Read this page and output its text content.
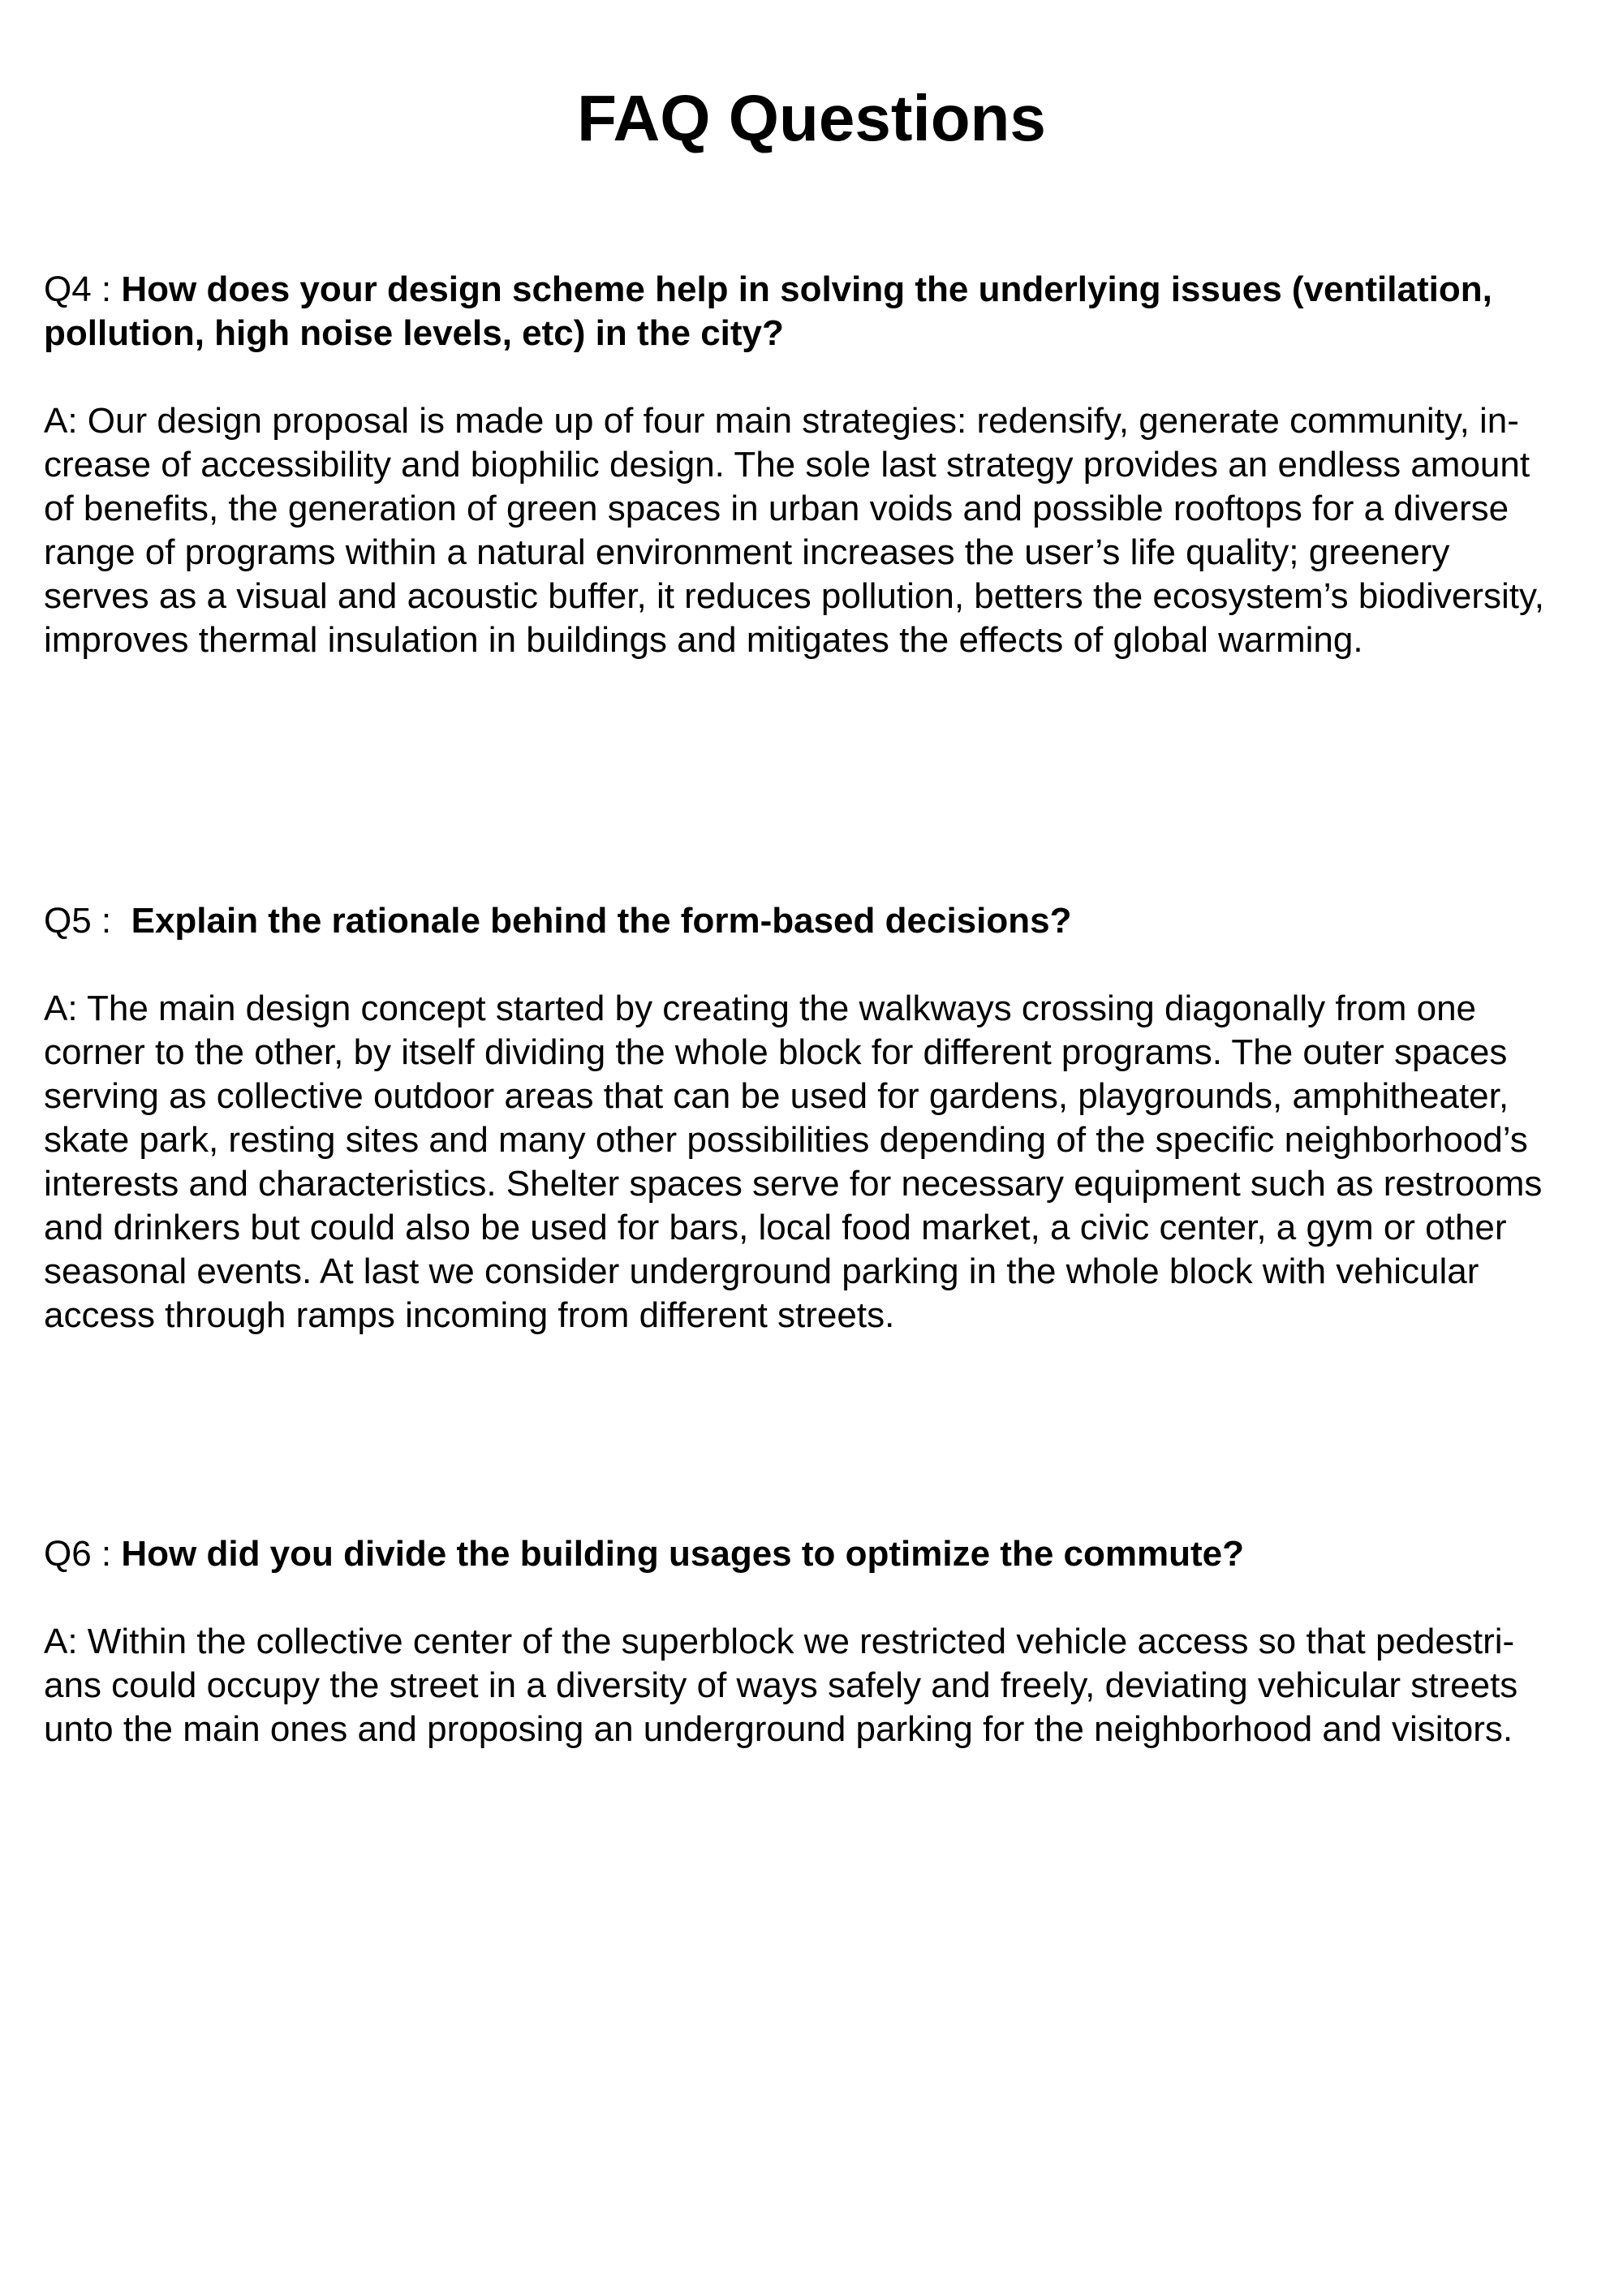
FAQ Questions

Q4 : How does your design scheme help in solving the underlying issues (ventilation, pollution, high noise levels, etc) in the city?

A: Our design proposal is made up of four main strategies: redensify, generate community, in-
crease of accessibility and biophilic design. The sole last strategy provides an endless amount
of benefits, the generation of green spaces in urban voids and possible rooftops for a diverse
range of programs within a natural environment increases the user’s life quality; greenery
serves as a visual and acoustic buffer, it reduces pollution, betters the ecosystem’s biodiversity,
improves thermal insulation in buildings and mitigates the effects of global warming.

Q5 :  Explain the rationale behind the form-based decisions?

A: The main design concept started by creating the walkways crossing diagonally from one
corner to the other, by itself dividing the whole block for different programs. The outer spaces
serving as collective outdoor areas that can be used for gardens, playgrounds, amphitheater,
skate park, resting sites and many other possibilities depending of the specific neighborhood’s
interests and characteristics. Shelter spaces serve for necessary equipment such as restrooms
and drinkers but could also be used for bars, local food market, a civic center, a gym or other
seasonal events. At last we consider underground parking in the whole block with vehicular
access through ramps incoming from different streets.

Q6 : How did you divide the building usages to optimize the commute?

A: Within the collective center of the superblock we restricted vehicle access so that pedestri-
ans could occupy the street in a diversity of ways safely and freely, deviating vehicular streets
unto the main ones and proposing an underground parking for the neighborhood and visitors.
